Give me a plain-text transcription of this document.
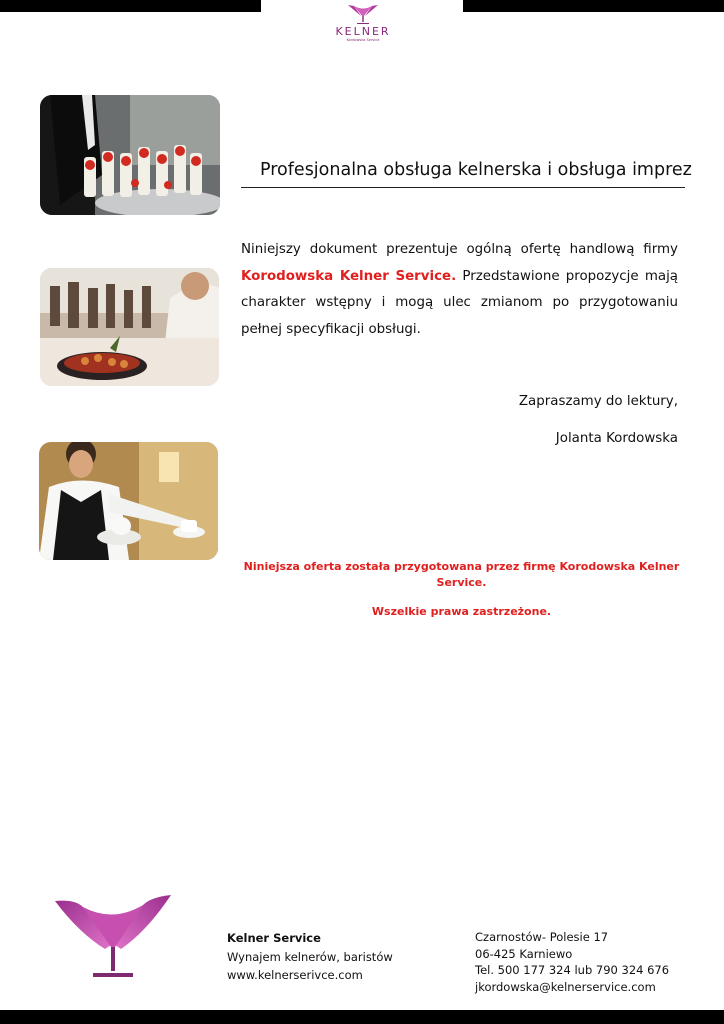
KELNER
Kordowska Service
Profesjonalna obsługa kelnerska i obsługa imprez
Niniejszy dokument prezentuje ogólną ofertę handlową firmy Korodowska Kelner Service. Przedstawione propozycje mają charakter wstępny i mogą ulec zmianom po przygotowaniu pełnej specyfikacji obsługi.
Zapraszamy do lektury,
Jolanta Kordowska
Niniejsza oferta została przygotowana przez firmę Korodowska Kelner Service.
Wszelkie prawa zastrzeżone.
Kelner Service
Wynajem kelnerów, baristów
www.kelnerserivce.com
Czarnostów- Polesie 17
06-425 Karniewo
Tel. 500 177 324 lub 790 324 676
jkordowska@kelnerservice.com
